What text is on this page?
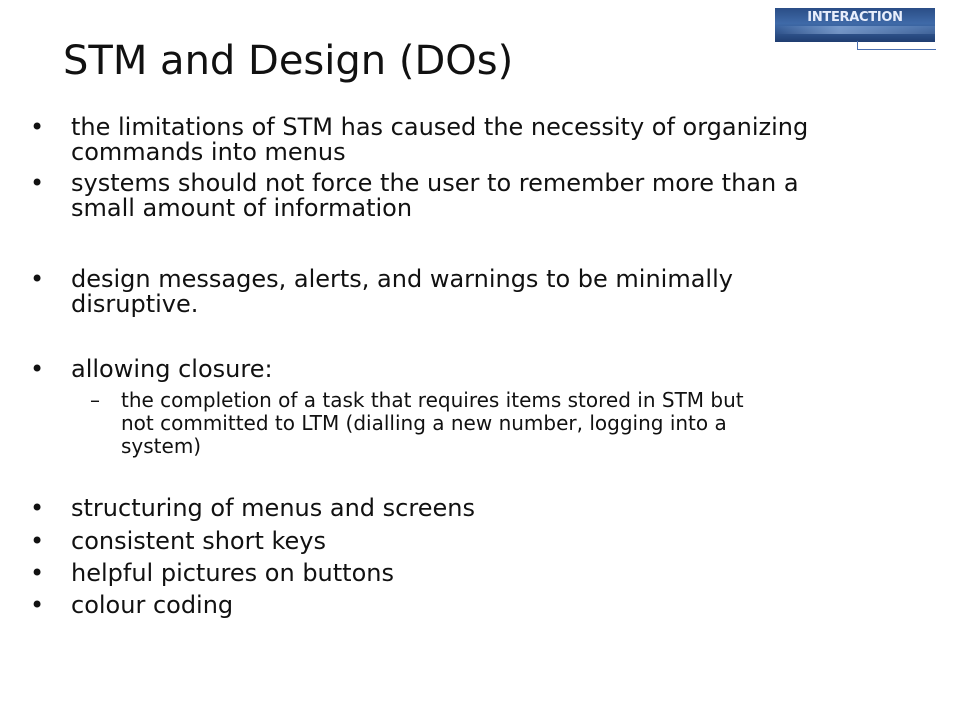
INTERACTION
STM and Design (DOs)
• the limitations of STM has caused the necessity of organizing
commands into menus
• systems should not force the user to remember more than a
small amount of information
• design messages, alerts, and warnings to be minimally
disruptive.
• allowing closure:
– the completion of a task that requires items stored in STM but
not committed to LTM (dialling a new number, logging into a
system)
• structuring of menus and screens
• consistent short keys
• helpful pictures on buttons
• colour coding
